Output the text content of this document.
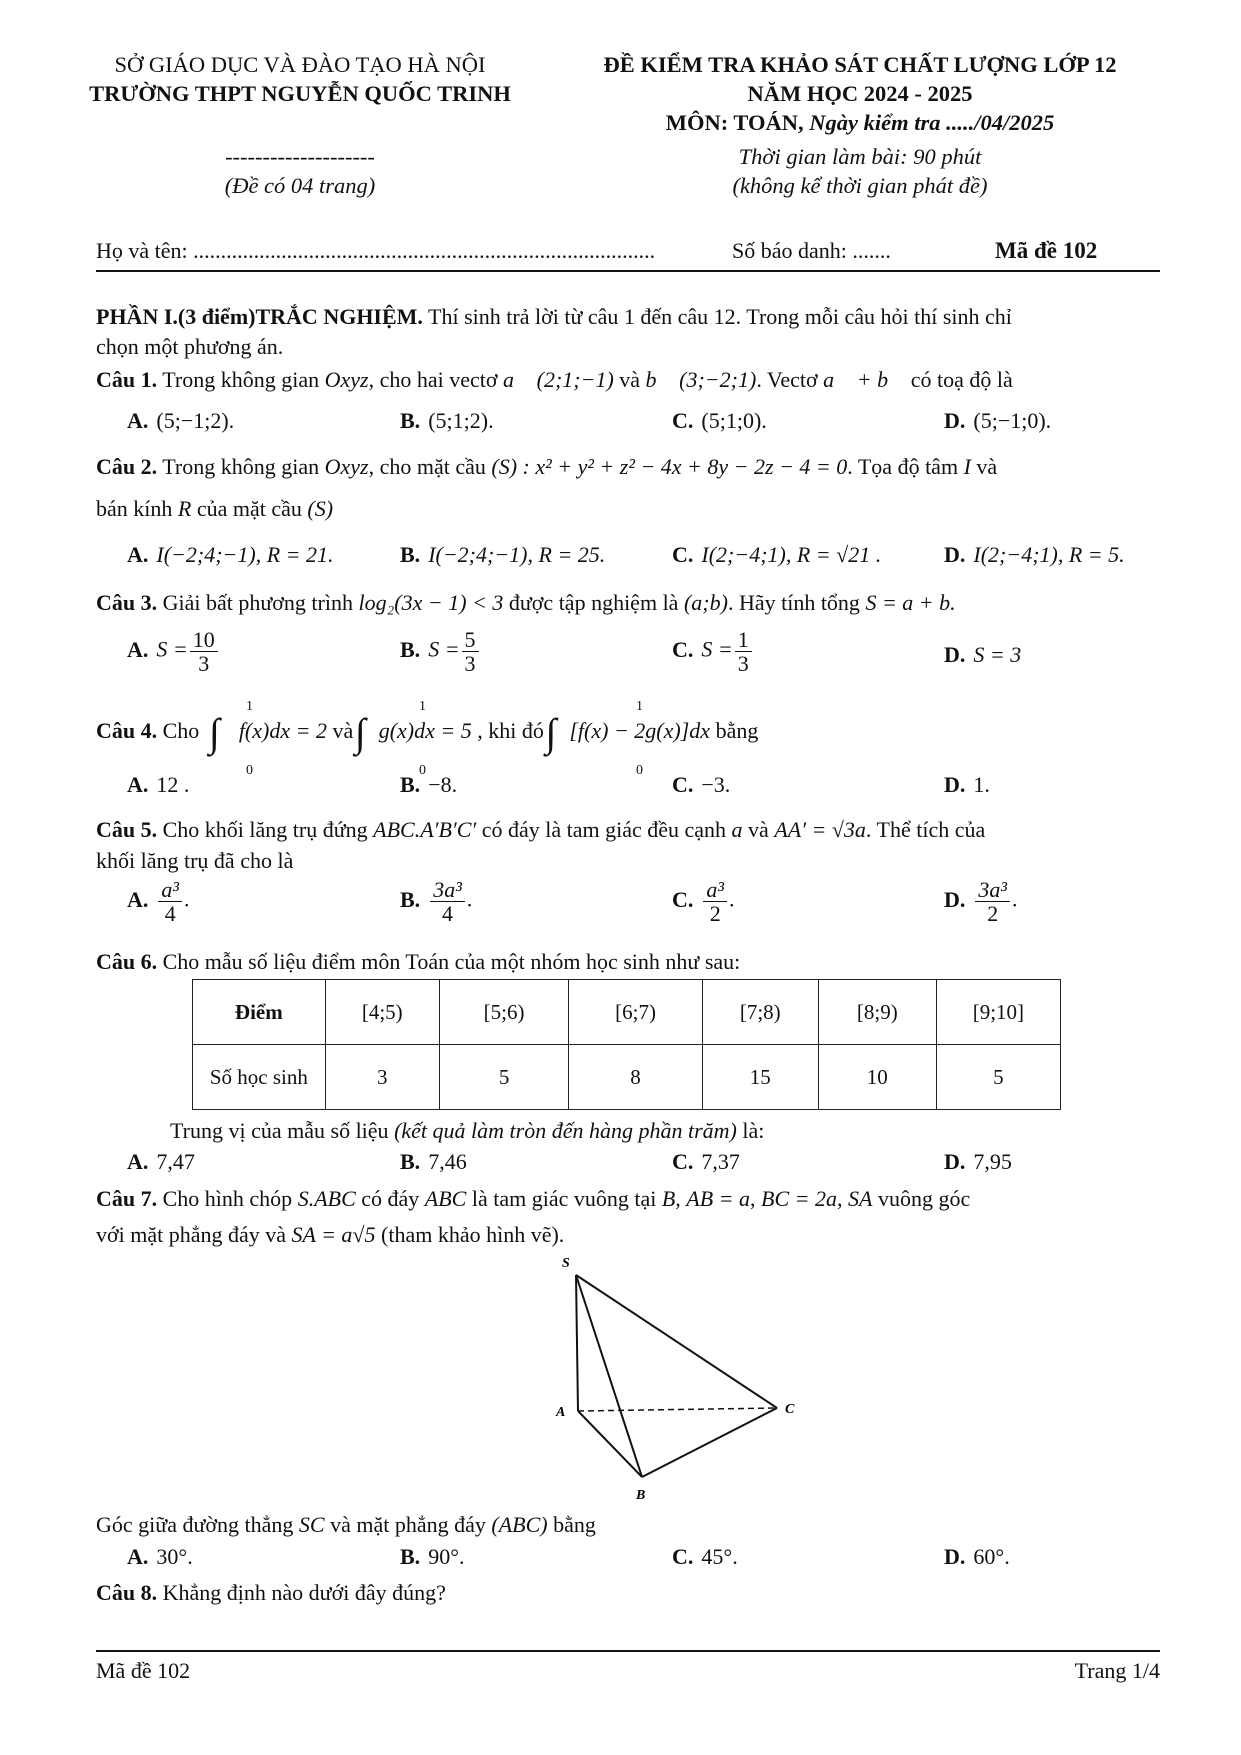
SỞ GIÁO DỤC VÀ ĐÀO TẠO HÀ NỘI
TRƯỜNG THPT NGUYỄN QUỐC TRINH
ĐỀ KIỂM TRA KHẢO SÁT CHẤT LƯỢNG LỚP 12
NĂM HỌC 2024 - 2025
MÔN: TOÁN, Ngày kiểm tra ...../04/2025
Thời gian làm bài: 90 phút
(không kể thời gian phát đề)
--------------------
(Đề có 04 trang)
Họ và tên: ....................................................................................	Số báo danh: .......	Mã đề 102
PHẦN I.(3 điểm)TRẮC NGHIỆM. Thí sinh trả lời từ câu 1 đến câu 12. Trong mỗi câu hỏi thí sinh chỉ
chọn một phương án.
Câu 1. Trong không gian Oxyz, cho hai vectơ a⃗ (2;1;−1) và b⃗ (3;−2;1). Vectơ a⃗ + b⃗ có toạ độ là
A. (5;−1;2).	B. (5;1;2).	C. (5;1;0).	D. (5;−1;0).
Câu 2. Trong không gian Oxyz, cho mặt cầu (S) : x² + y² + z² − 4x + 8y − 2z − 4 = 0. Tọa độ tâm I và
bán kính R của mặt cầu (S)
A. I(−2;4;−1), R = 21.	B. I(−2;4;−1), R = 25.	C. I(2;−4;1), R = √21 .	D. I(2;−4;1), R = 5.
Câu 3. Giải bất phương trình log₂(3x − 1) < 3 được tập nghiệm là (a;b). Hãy tính tổng S = a + b.
A. $S = \frac{10}{3}$	B. $S = \frac{5}{3}$	C. $S = \frac{1}{3}$	D. S = 3
Câu 4. Cho
1
0
∫ f(x)dx = 2 và
1
0
∫ g(x)dx = 5 , khi đó
1
0
∫ [f(x) − 2g(x)]dx bằng
A. 12 .	B. −8.	C. −3.	D. 1.
Câu 5. Cho khối lăng trụ đứng ABC.A′B′C′ có đáy là tam giác đều cạnh a và AA′ = √3a. Thể tích của
khối lăng trụ đã cho là
A. $\frac{\text{a³}}{4}$ .	B. $\frac{\text{3a³}}{4}$ .	C. $\frac{\text{a³}}{2}$ .	D. $\frac{\text{3a³}}{2}$ .
Câu 6. Cho mẫu số liệu điểm môn Toán của một nhóm học sinh như sau:
Điểm	[4;5)	[5;6)	[6;7)	[7;8)	[8;9)	[9;10]
Số học sinh	3	5	8	15	10	5
Trung vị của mẫu số liệu (kết quả làm tròn đến hàng phần trăm) là:
A. 7,47	B. 7,46	C. 7,37	D. 7,95
Câu 7. Cho hình chóp S.ABC có đáy ABC là tam giác vuông tại B, AB = a, BC = 2a, SA vuông góc
với mặt phẳng đáy và SA = a√5 (tham khảo hình vẽ).
S
A	C
B
Góc giữa đường thẳng SC và mặt phẳng đáy (ABC) bằng
A. 30°.	B. 90°.	C. 45°.	D. 60°.
Câu 8. Khẳng định nào dưới đây đúng?
Mã đề 102	Trang 1/4
